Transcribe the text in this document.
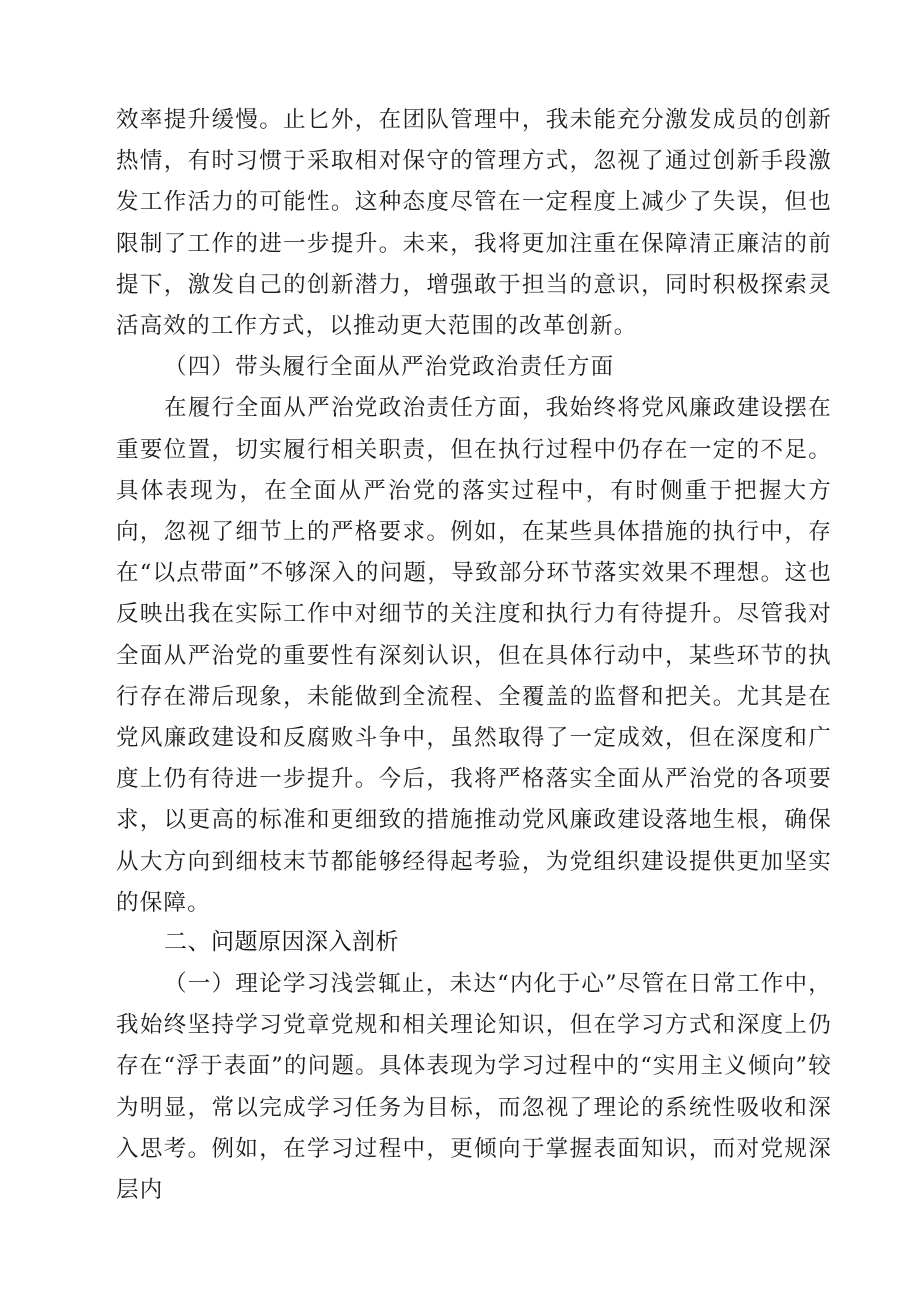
效率提升缓慢。止匕外，在团队管理中，我未能充分激发成员的创新热情，有时习惯于采取相对保守的管理方式，忽视了通过创新手段激发工作活力的可能性。这种态度尽管在一定程度上减少了失误，但也限制了工作的进一步提升。未来，我将更加注重在保障清正廉洁的前提下，激发自己的创新潜力，增强敢于担当的意识，同时积极探索灵活高效的工作方式，以推动更大范围的改革创新。

（四）带头履行全面从严治党政治责任方面

在履行全面从严治党政治责任方面，我始终将党风廉政建设摆在重要位置，切实履行相关职责，但在执行过程中仍存在一定的不足。具体表现为，在全面从严治党的落实过程中，有时侧重于把握大方向，忽视了细节上的严格要求。例如，在某些具体措施的执行中，存在“以点带面”不够深入的问题，导致部分环节落实效果不理想。这也反映出我在实际工作中对细节的关注度和执行力有待提升。尽管我对全面从严治党的重要性有深刻认识，但在具体行动中，某些环节的执行存在滞后现象，未能做到全流程、全覆盖的监督和把关。尤其是在党风廉政建设和反腐败斗争中，虽然取得了一定成效，但在深度和广度上仍有待进一步提升。今后，我将严格落实全面从严治党的各项要求，以更高的标准和更细致的措施推动党风廉政建设落地生根，确保从大方向到细枝末节都能够经得起考验，为党组织建设提供更加坚实的保障。

二、问题原因深入剖析

（一）理论学习浅尝辄止，未达“内化于心”尽管在日常工作中，我始终坚持学习党章党规和相关理论知识，但在学习方式和深度上仍存在“浮于表面”的问题。具体表现为学习过程中的“实用主义倾向”较为明显，常以完成学习任务为目标，而忽视了理论的系统性吸收和深入思考。例如，在学习过程中，更倾向于掌握表面知识，而对党规深层内
